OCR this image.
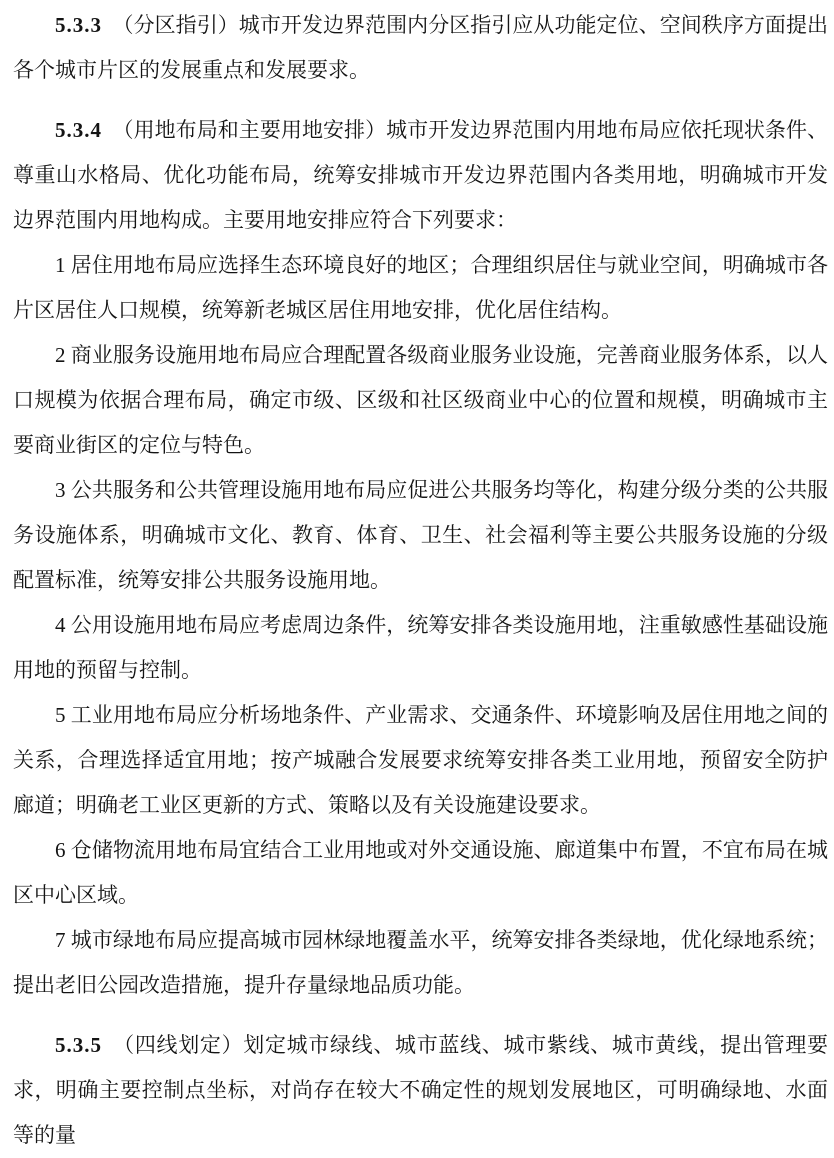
5.3.3 （分区指引）城市开发边界范围内分区指引应从功能定位、空间秩序方面提出各个城市片区的发展重点和发展要求。

5.3.4 （用地布局和主要用地安排）城市开发边界范围内用地布局应依托现状条件、尊重山水格局、优化功能布局，统筹安排城市开发边界范围内各类用地，明确城市开发边界范围内用地构成。主要用地安排应符合下列要求：

1 居住用地布局应选择生态环境良好的地区；合理组织居住与就业空间，明确城市各片区居住人口规模，统筹新老城区居住用地安排，优化居住结构。

2 商业服务设施用地布局应合理配置各级商业服务业设施，完善商业服务体系，以人口规模为依据合理布局，确定市级、区级和社区级商业中心的位置和规模，明确城市主要商业街区的定位与特色。

3 公共服务和公共管理设施用地布局应促进公共服务均等化，构建分级分类的公共服务设施体系，明确城市文化、教育、体育、卫生、社会福利等主要公共服务设施的分级配置标准，统筹安排公共服务设施用地。

4 公用设施用地布局应考虑周边条件，统筹安排各类设施用地，注重敏感性基础设施用地的预留与控制。

5 工业用地布局应分析场地条件、产业需求、交通条件、环境影响及居住用地之间的关系，合理选择适宜用地；按产城融合发展要求统筹安排各类工业用地，预留安全防护廊道；明确老工业区更新的方式、策略以及有关设施建设要求。

6 仓储物流用地布局宜结合工业用地或对外交通设施、廊道集中布置，不宜布局在城区中心区域。

7 城市绿地布局应提高城市园林绿地覆盖水平，统筹安排各类绿地，优化绿地系统；提出老旧公园改造措施，提升存量绿地品质功能。

5.3.5 （四线划定）划定城市绿线、城市蓝线、城市紫线、城市黄线，提出管理要求，明确主要控制点坐标，对尚存在较大不确定性的规划发展地区，可明确绿地、水面等的量
